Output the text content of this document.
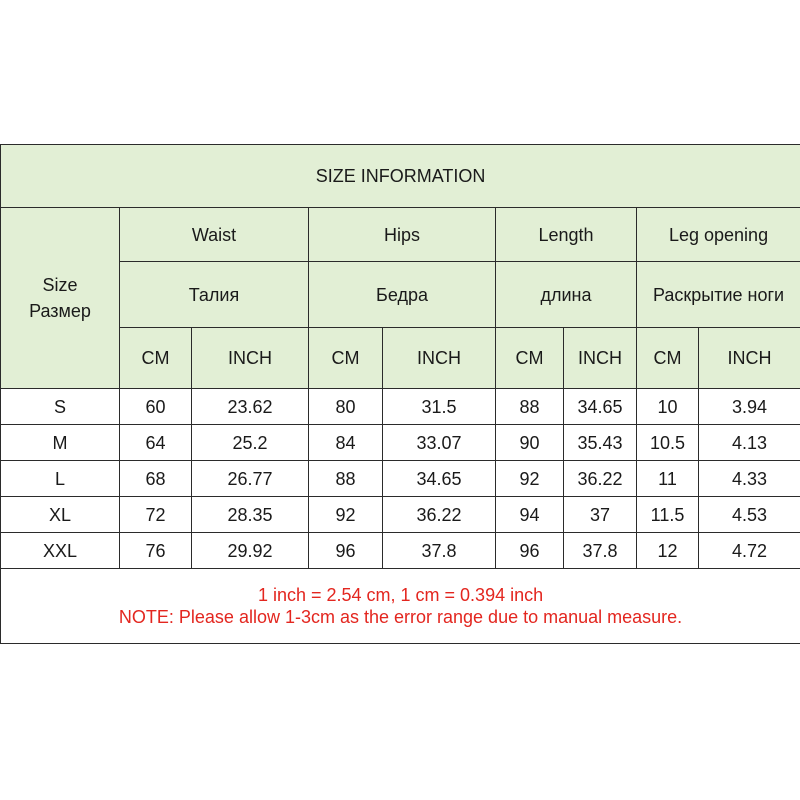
SIZE INFORMATION								

Size
Размер	Waist		Hips		Length		Leg opening	
	Талия		Бедра		длина		Раскрытие ноги	
	CM	INCH	CM	INCH	CM	INCH	CM	INCH
S	60	23.62	80	31.5	88	34.65	10	3.94
M	64	25.2	84	33.07	90	35.43	10.5	4.13
L	68	26.77	88	34.65	92	36.22	11	4.33
XL	72	28.35	92	36.22	94	37	11.5	4.53
XXL	76	29.92	96	37.8	96	37.8	12	4.72

1 inch = 2.54 cm, 1 cm = 0.394 inch
NOTE: Please allow 1-3cm as the error range due to manual measure.								
